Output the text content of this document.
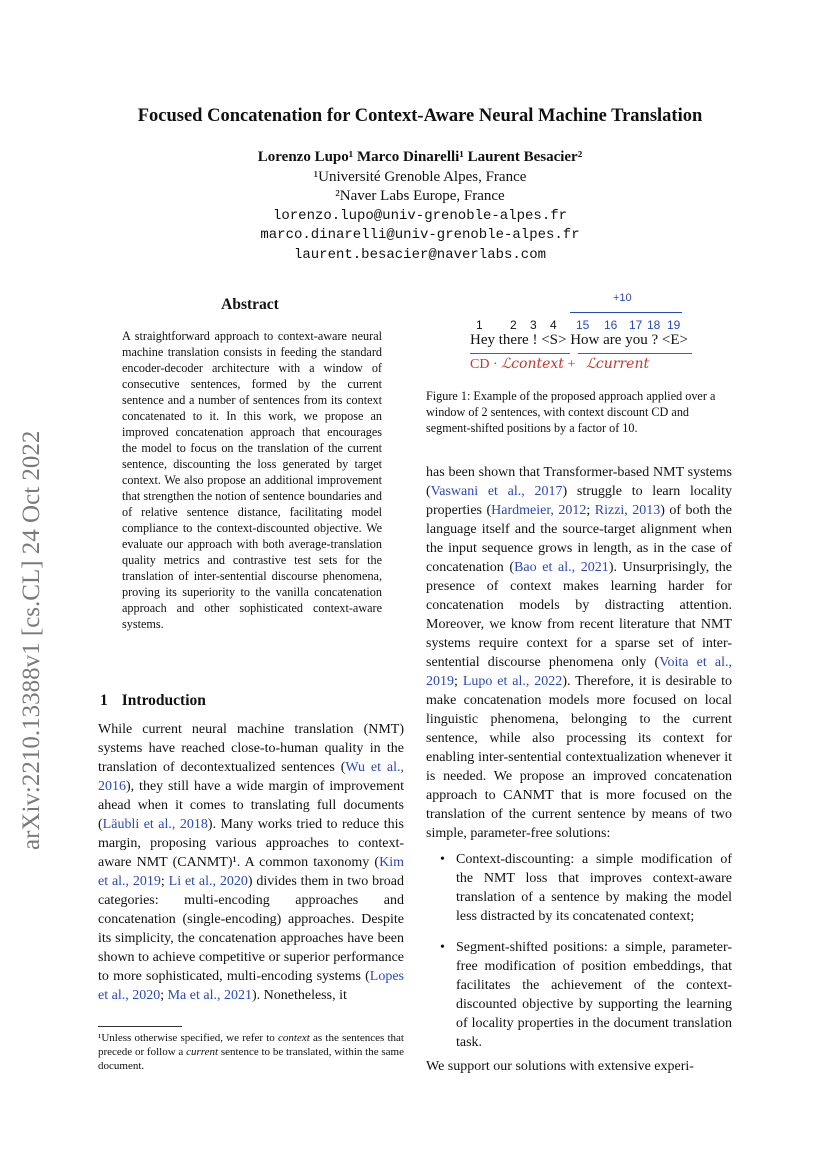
arXiv:2210.13388v1 [cs.CL] 24 Oct 2022
Focused Concatenation for Context-Aware Neural Machine Translation
Lorenzo Lupo¹ Marco Dinarelli¹ Laurent Besacier²
¹Université Grenoble Alpes, France
²Naver Labs Europe, France
lorenzo.lupo@univ-grenoble-alpes.fr
marco.dinarelli@univ-grenoble-alpes.fr
laurent.besacier@naverlabs.com
Abstract
A straightforward approach to context-aware neural machine translation consists in feeding the standard encoder-decoder architecture with a window of consecutive sentences, formed by the current sentence and a number of sentences from its context concatenated to it. In this work, we propose an improved concatenation approach that encourages the model to focus on the translation of the current sentence, discounting the loss generated by target context. We also propose an additional improvement that strengthen the notion of sentence boundaries and of relative sentence distance, facilitating model compliance to the context-discounted objective. We evaluate our approach with both average-translation quality metrics and contrastive test sets for the translation of inter-sentential discourse phenomena, proving its superiority to the vanilla concatenation approach and other sophisticated context-aware systems.
1 Introduction
While current neural machine translation (NMT) systems have reached close-to-human quality in the translation of decontextualized sentences (Wu et al., 2016), they still have a wide margin of improvement ahead when it comes to translating full documents (Läubli et al., 2018). Many works tried to reduce this margin, proposing various approaches to context-aware NMT (CANMT)¹. A common taxonomy (Kim et al., 2019; Li et al., 2020) divides them in two broad categories: multi-encoding approaches and concatenation (single-encoding) approaches. Despite its simplicity, the concatenation approaches have been shown to achieve competitive or superior performance to more sophisticated, multi-encoding systems (Lopes et al., 2020; Ma et al., 2021). Nonetheless, it
¹Unless otherwise specified, we refer to context as the sentences that precede or follow a current sentence to be translated, within the same document.
+10
1 2 3 4 15 16 17 18 19
Hey there ! <S> How are you ? <E>
CD · ℒcontext +   ℒcurrent
Figure 1: Example of the proposed approach applied over a window of 2 sentences, with context discount CD and segment-shifted positions by a factor of 10.
has been shown that Transformer-based NMT systems (Vaswani et al., 2017) struggle to learn locality properties (Hardmeier, 2012; Rizzi, 2013) of both the language itself and the source-target alignment when the input sequence grows in length, as in the case of concatenation (Bao et al., 2021). Unsurprisingly, the presence of context makes learning harder for concatenation models by distracting attention. Moreover, we know from recent literature that NMT systems require context for a sparse set of inter-sentential discourse phenomena only (Voita et al., 2019; Lupo et al., 2022). Therefore, it is desirable to make concatenation models more focused on local linguistic phenomena, belonging to the current sentence, while also processing its context for enabling inter-sentential contextualization whenever it is needed. We propose an improved concatenation approach to CANMT that is more focused on the translation of the current sentence by means of two simple, parameter-free solutions:
• Context-discounting: a simple modification of the NMT loss that improves context-aware translation of a sentence by making the model less distracted by its concatenated context;
• Segment-shifted positions: a simple, parameter-free modification of position embeddings, that facilitates the achievement of the context-discounted objective by supporting the learning of locality properties in the document translation task.
We support our solutions with extensive experi-
